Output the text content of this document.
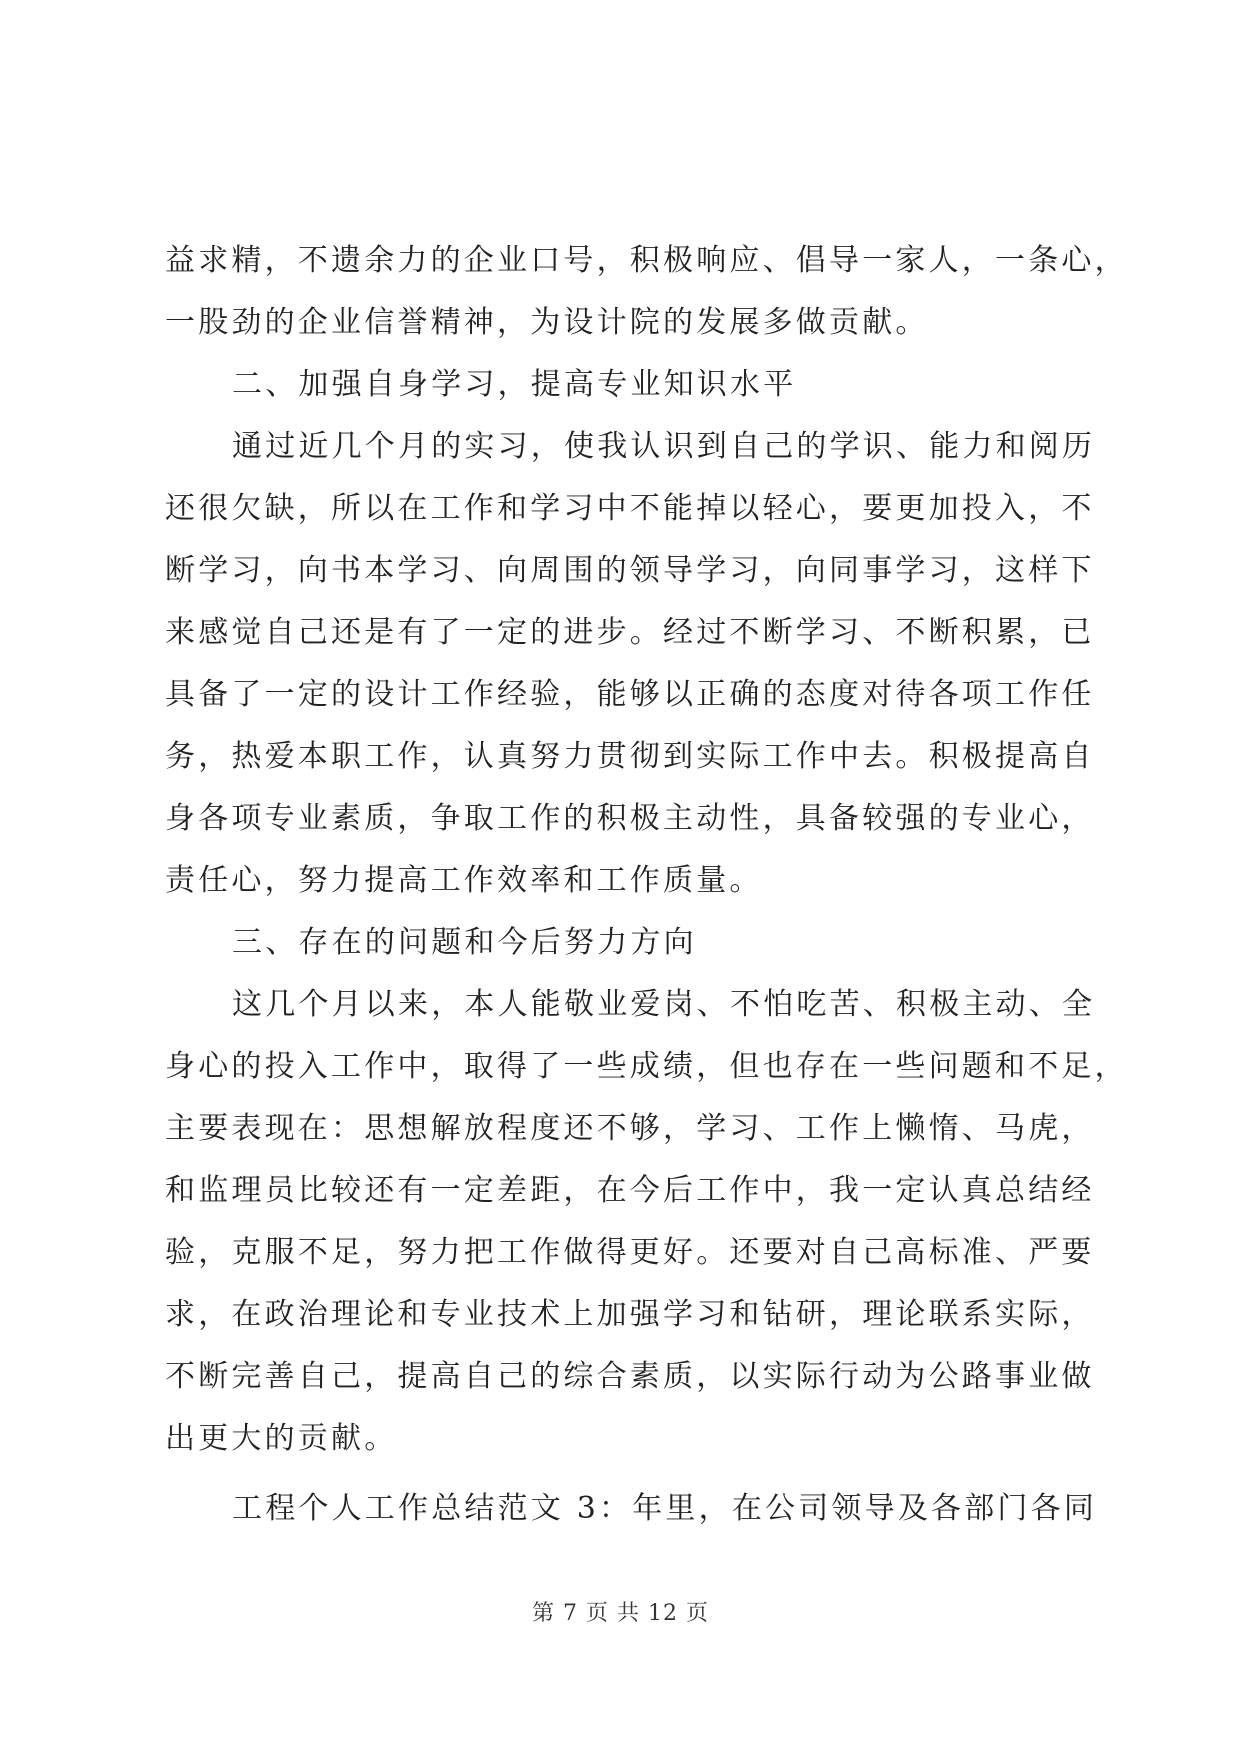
益求精，不遗余力的企业口号，积极响应、倡导一家人，一条心，
一股劲的企业信誉精神，为设计院的发展多做贡献。
二、加强自身学习，提高专业知识水平
通过近几个月的实习，使我认识到自己的学识、能力和阅历
还很欠缺，所以在工作和学习中不能掉以轻心，要更加投入，不
断学习，向书本学习、向周围的领导学习，向同事学习，这样下
来感觉自己还是有了一定的进步。经过不断学习、不断积累，已
具备了一定的设计工作经验，能够以正确的态度对待各项工作任
务，热爱本职工作，认真努力贯彻到实际工作中去。积极提高自
身各项专业素质，争取工作的积极主动性，具备较强的专业心，
责任心，努力提高工作效率和工作质量。
三、存在的问题和今后努力方向
这几个月以来，本人能敬业爱岗、不怕吃苦、积极主动、全
身心的投入工作中，取得了一些成绩，但也存在一些问题和不足，
主要表现在：思想解放程度还不够，学习、工作上懒惰、马虎，
和监理员比较还有一定差距，在今后工作中，我一定认真总结经
验，克服不足，努力把工作做得更好。还要对自己高标准、严要
求，在政治理论和专业技术上加强学习和钻研，理论联系实际，
不断完善自己，提高自己的综合素质，以实际行动为公路事业做
出更大的贡献。
工程个人工作总结范文 3：年里，在公司领导及各部门各同
第 7 页 共 12 页
